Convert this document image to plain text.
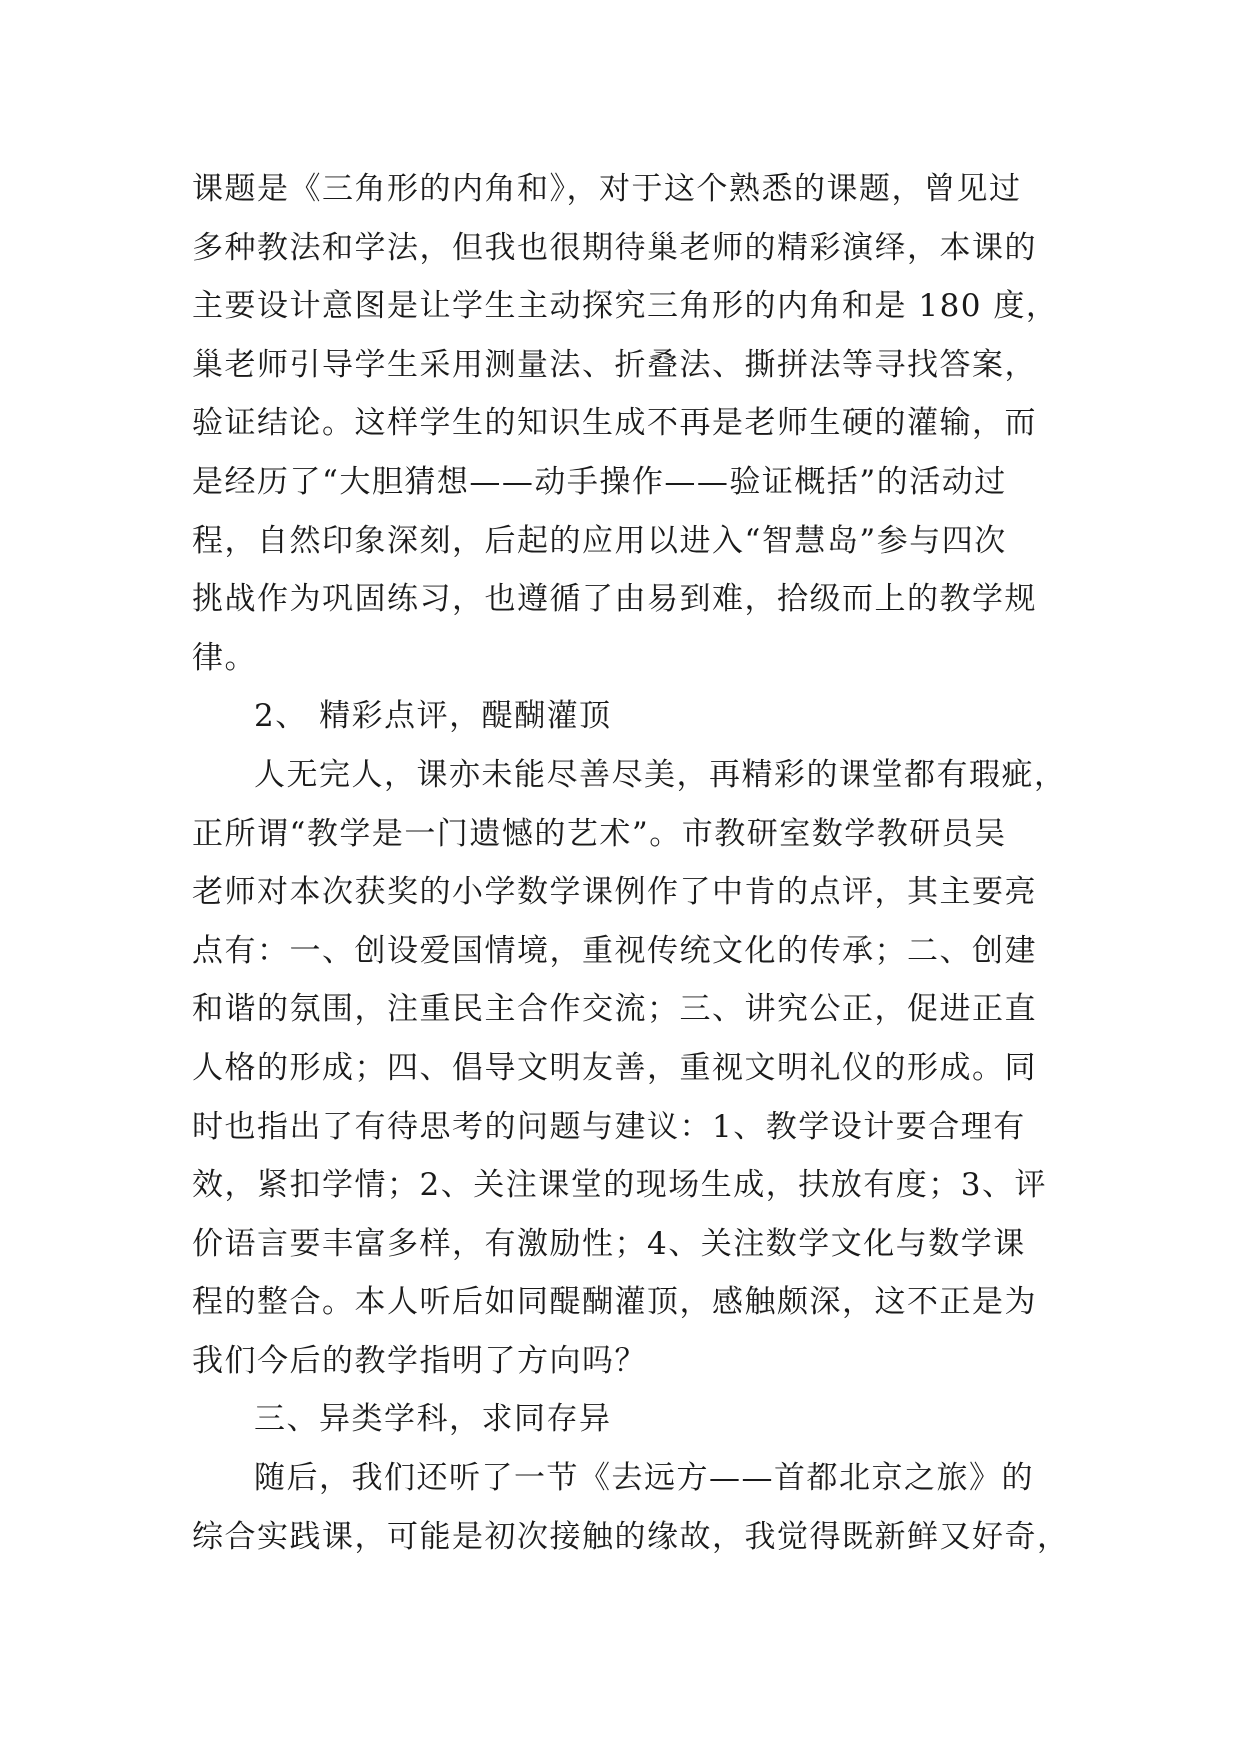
课题是《三角形的内角和》，对于这个熟悉的课题，曾见过
多种教法和学法，但我也很期待巢老师的精彩演绎，本课的
主要设计意图是让学生主动探究三角形的内角和是 180 度，
巢老师引导学生采用测量法、折叠法、撕拼法等寻找答案，
验证结论。这样学生的知识生成不再是老师生硬的灌输，而
是经历了“大胆猜想——动手操作——验证概括”的活动过
程，自然印象深刻，后起的应用以进入“智慧岛”参与四次
挑战作为巩固练习，也遵循了由易到难，拾级而上的教学规
律。
2、 精彩点评，醍醐灌顶
人无完人，课亦未能尽善尽美，再精彩的课堂都有瑕疵，
正所谓“教学是一门遗憾的艺术”。市教研室数学教研员吴
老师对本次获奖的小学数学课例作了中肯的点评，其主要亮
点有：一、创设爱国情境，重视传统文化的传承；二、创建
和谐的氛围，注重民主合作交流；三、讲究公正，促进正直
人格的形成；四、倡导文明友善，重视文明礼仪的形成。同
时也指出了有待思考的问题与建议：1、教学设计要合理有
效，紧扣学情；2、关注课堂的现场生成，扶放有度；3、评
价语言要丰富多样，有激励性；4、关注数学文化与数学课
程的整合。本人听后如同醍醐灌顶，感触颇深，这不正是为
我们今后的教学指明了方向吗？
三、异类学科，求同存异
随后，我们还听了一节《去远方——首都北京之旅》的
综合实践课，可能是初次接触的缘故，我觉得既新鲜又好奇，
